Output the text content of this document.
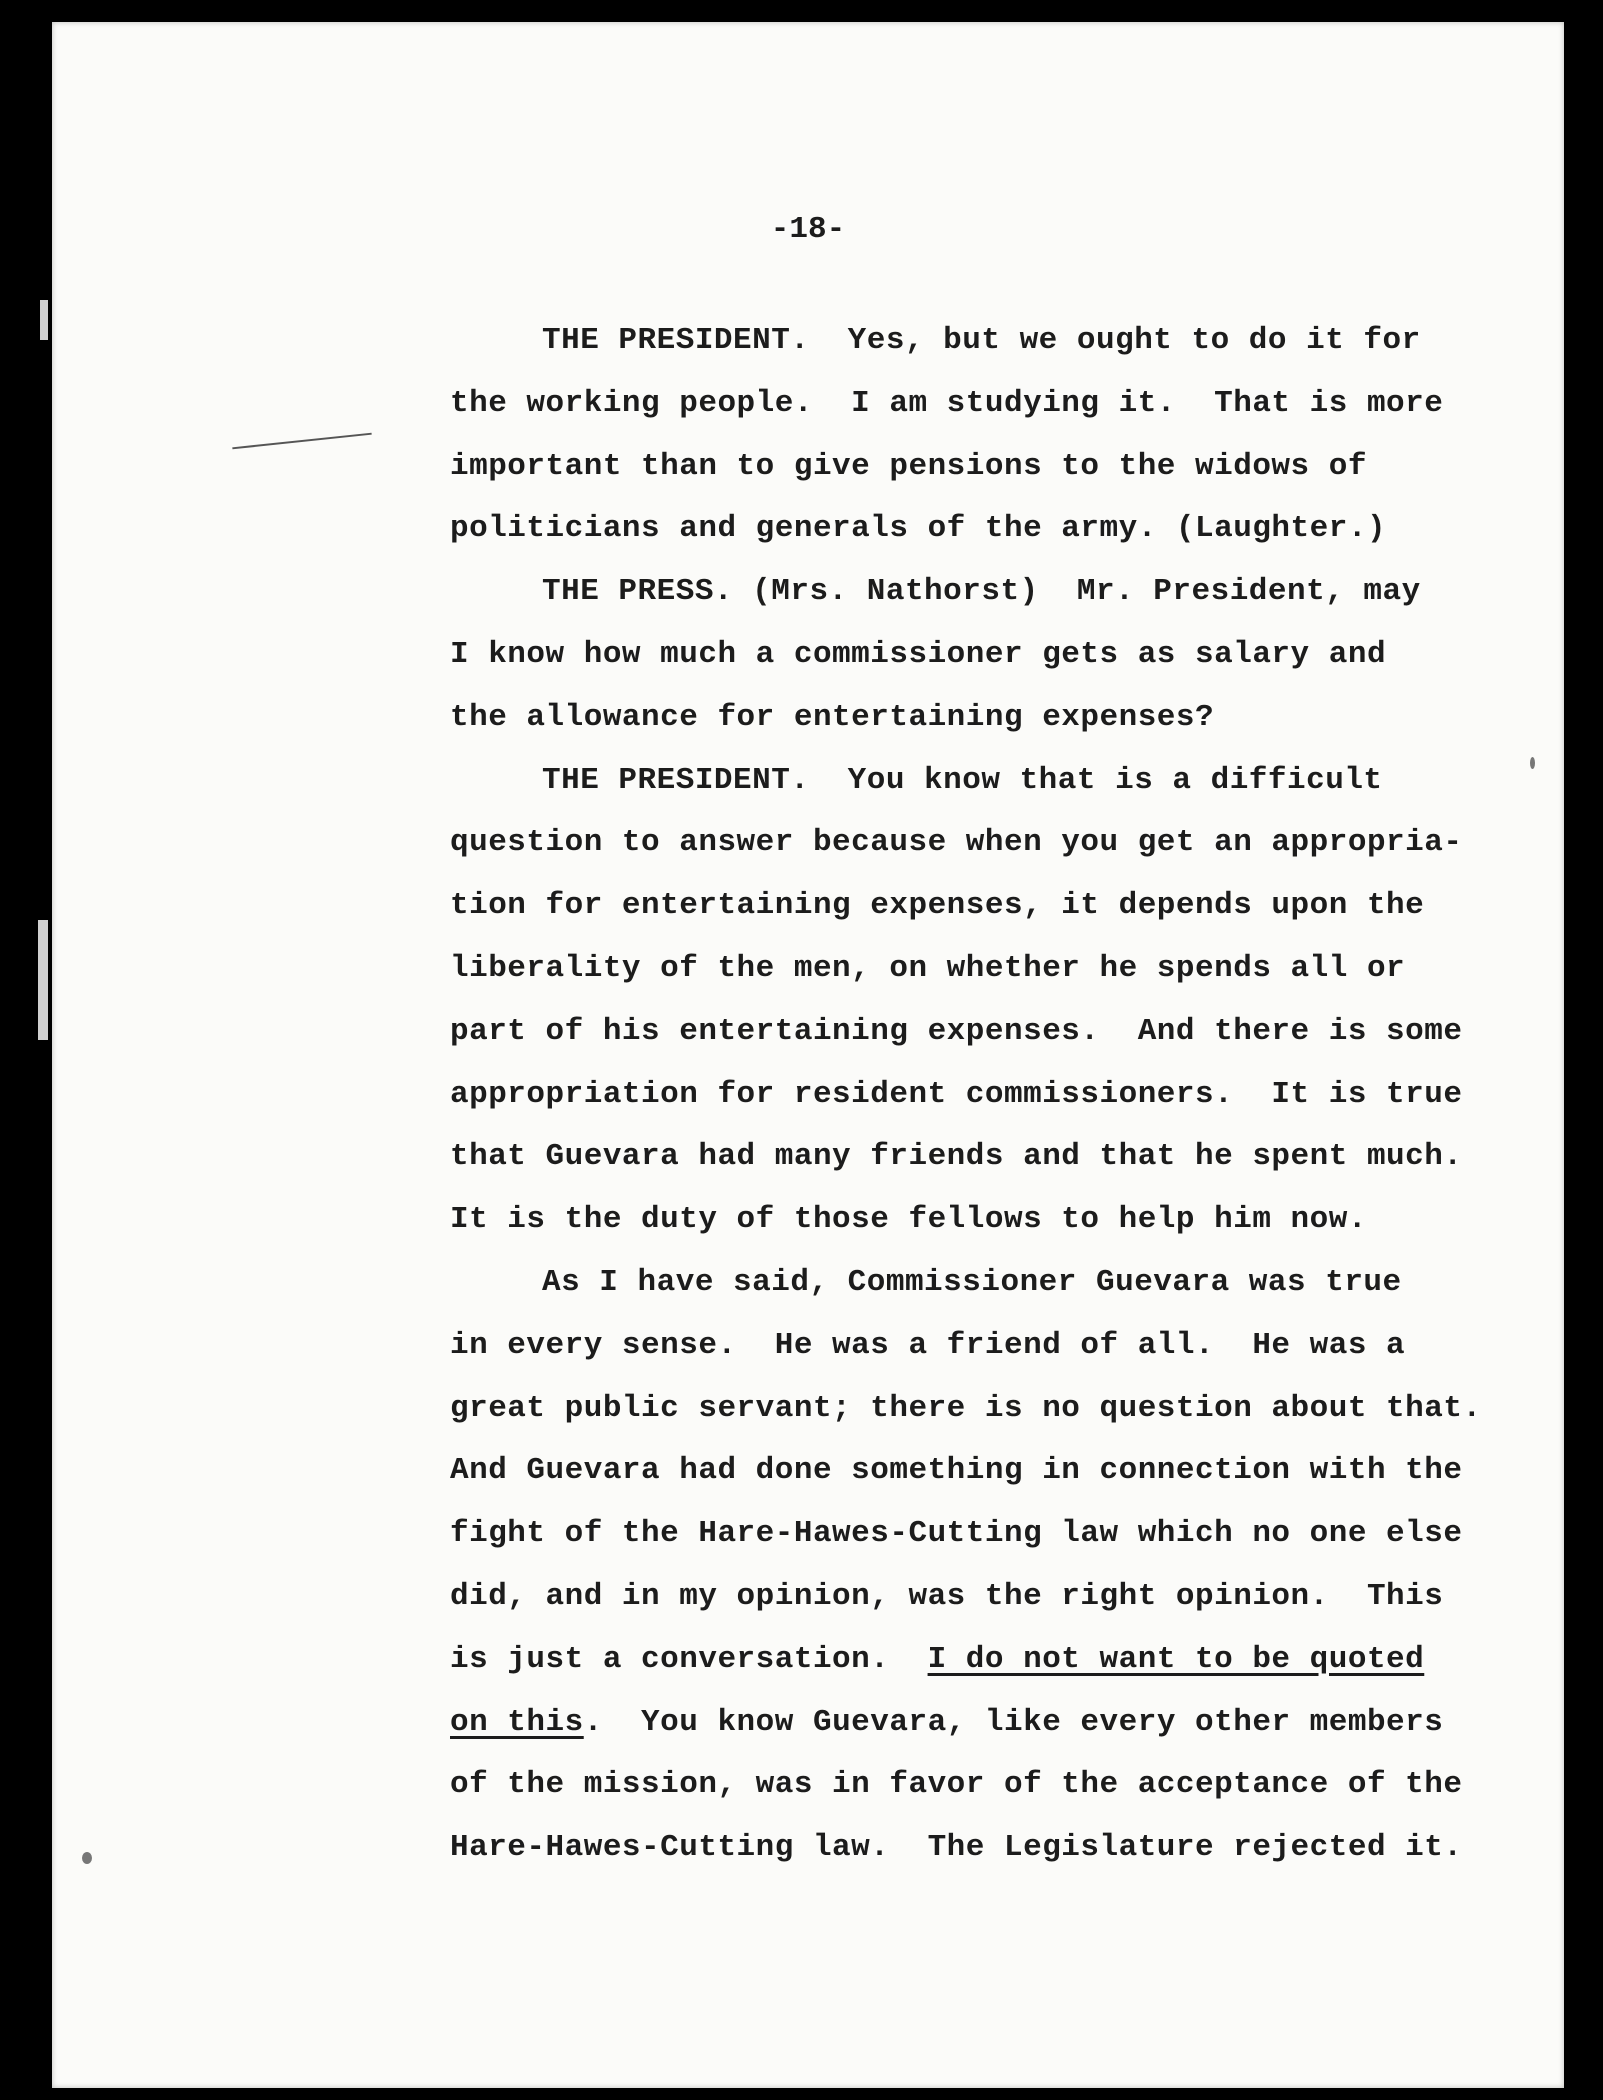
-18-
THE PRESIDENT.  Yes, but we ought to do it for
the working people.  I am studying it.  That is more
important than to give pensions to the widows of
politicians and generals of the army. (Laughter.)
THE PRESS. (Mrs. Nathorst)  Mr. President, may
I know how much a commissioner gets as salary and
the allowance for entertaining expenses?
THE PRESIDENT.  You know that is a difficult
question to answer because when you get an appropria-
tion for entertaining expenses, it depends upon the
liberality of the men, on whether he spends all or
part of his entertaining expenses.  And there is some
appropriation for resident commissioners.  It is true
that Guevara had many friends and that he spent much.
It is the duty of those fellows to help him now.
As I have said, Commissioner Guevara was true
in every sense.  He was a friend of all.  He was a
great public servant; there is no question about that.
And Guevara had done something in connection with the
fight of the Hare-Hawes-Cutting law which no one else
did, and in my opinion, was the right opinion.  This
is just a conversation.  I do not want to be quoted
on this.  You know Guevara, like every other members
of the mission, was in favor of the acceptance of the
Hare-Hawes-Cutting law.  The Legislature rejected it.
